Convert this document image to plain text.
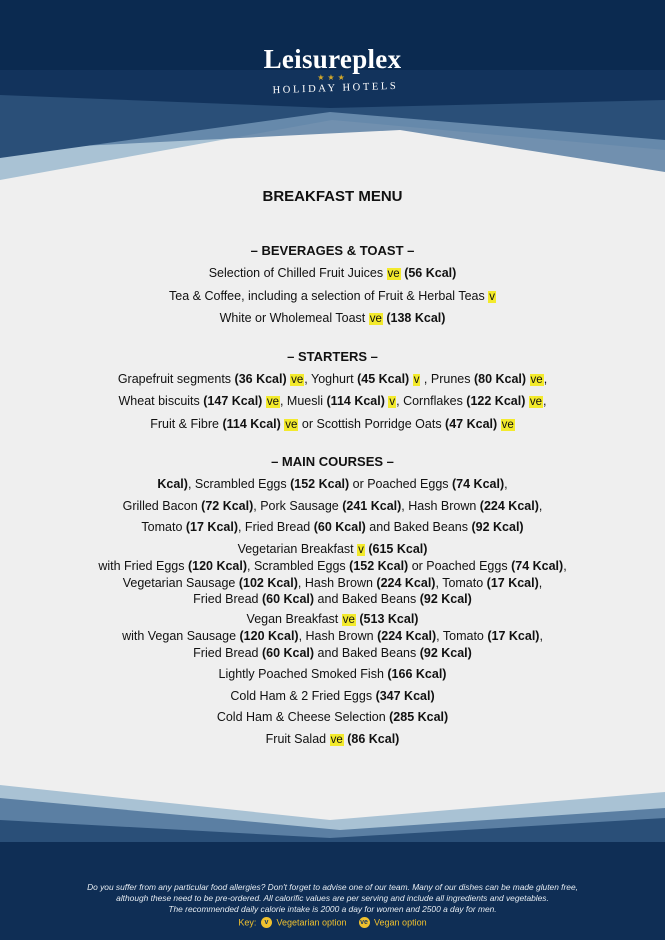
Leisureplex
★★★
HOLIDAY HOTELS
BREAKFAST MENU
– BEVERAGES & TOAST –
Selection of Chilled Fruit Juices ve (56 Kcal)
Tea & Coffee, including a selection of Fruit & Herbal Teas v
White or Wholemeal Toast ve (138 Kcal)
– STARTERS –
Grapefruit segments (36 Kcal) ve, Yoghurt (45 Kcal) v , Prunes (80 Kcal) ve,
Wheat biscuits (147 Kcal) ve, Muesli (114 Kcal) v, Cornflakes (122 Kcal) ve,
Fruit & Fibre (114 Kcal) ve or Scottish Porridge Oats (47 Kcal) ve
– MAIN COURSES –
Kcal), Scrambled Eggs (152 Kcal) or Poached Eggs (74 Kcal),
Grilled Bacon (72 Kcal), Pork Sausage (241 Kcal), Hash Brown (224 Kcal),
Tomato (17 Kcal), Fried Bread (60 Kcal) and Baked Beans (92 Kcal)
Vegetarian Breakfast v (615 Kcal)
with Fried Eggs (120 Kcal), Scrambled Eggs (152 Kcal) or Poached Eggs (74 Kcal),
Vegetarian Sausage (102 Kcal), Hash Brown (224 Kcal), Tomato (17 Kcal),
Fried Bread (60 Kcal) and Baked Beans (92 Kcal)
Vegan Breakfast ve (513 Kcal)
with Vegan Sausage (120 Kcal), Hash Brown (224 Kcal), Tomato (17 Kcal),
Fried Bread (60 Kcal) and Baked Beans (92 Kcal)
Lightly Poached Smoked Fish (166 Kcal)
Cold Ham & 2 Fried Eggs (347 Kcal)
Cold Ham & Cheese Selection (285 Kcal)
Fruit Salad ve (86 Kcal)
Do you suffer from any particular food allergies? Don't forget to advise one of our team. Many of our dishes can be made gluten free,
although these need to be pre-ordered. All calorific values are per serving and include all ingredients and vegetables.
The recommended daily calorie intake is 2000 a day for women and 2500 a day for men.
Key: v Vegetarian option ve Vegan option
